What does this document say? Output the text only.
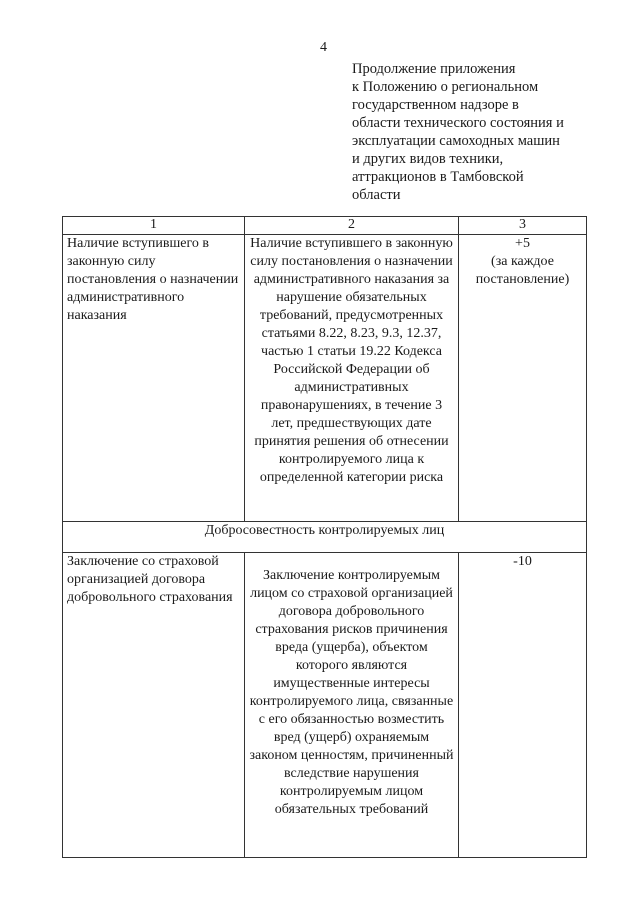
4
Продолжение приложения
к Положению о региональном
государственном надзоре в
области технического состояния и
эксплуатации самоходных машин
и других видов техники,
аттракционов в Тамбовской
области
1	2	3
Наличие вступившего в законную силу постановления о назначении административного наказания	Наличие вступившего в законную силу постановления о назначении административного наказания за нарушение обязательных требований, предусмотренных статьями 8.22, 8.23, 9.3, 12.37, частью 1 статьи 19.22 Кодекса Российской Федерации об административных правонарушениях, в течение 3 лет, предшествующих дате принятия решения об отнесении контролируемого лица к определенной категории риска	+5
(за каждое постановление)

Добросовестность контролируемых лиц		
Заключение со страховой организацией договора добровольного страхования	Заключение контролируемым лицом со страховой организацией договора добровольного страхования рисков причинения вреда (ущерба), объектом которого являются имущественные интересы контролируемого лица, связанные с его обязанностью возместить вред (ущерб) охраняемым законом ценностям, причиненный вследствие нарушения контролируемым лицом обязательных требований	-10
